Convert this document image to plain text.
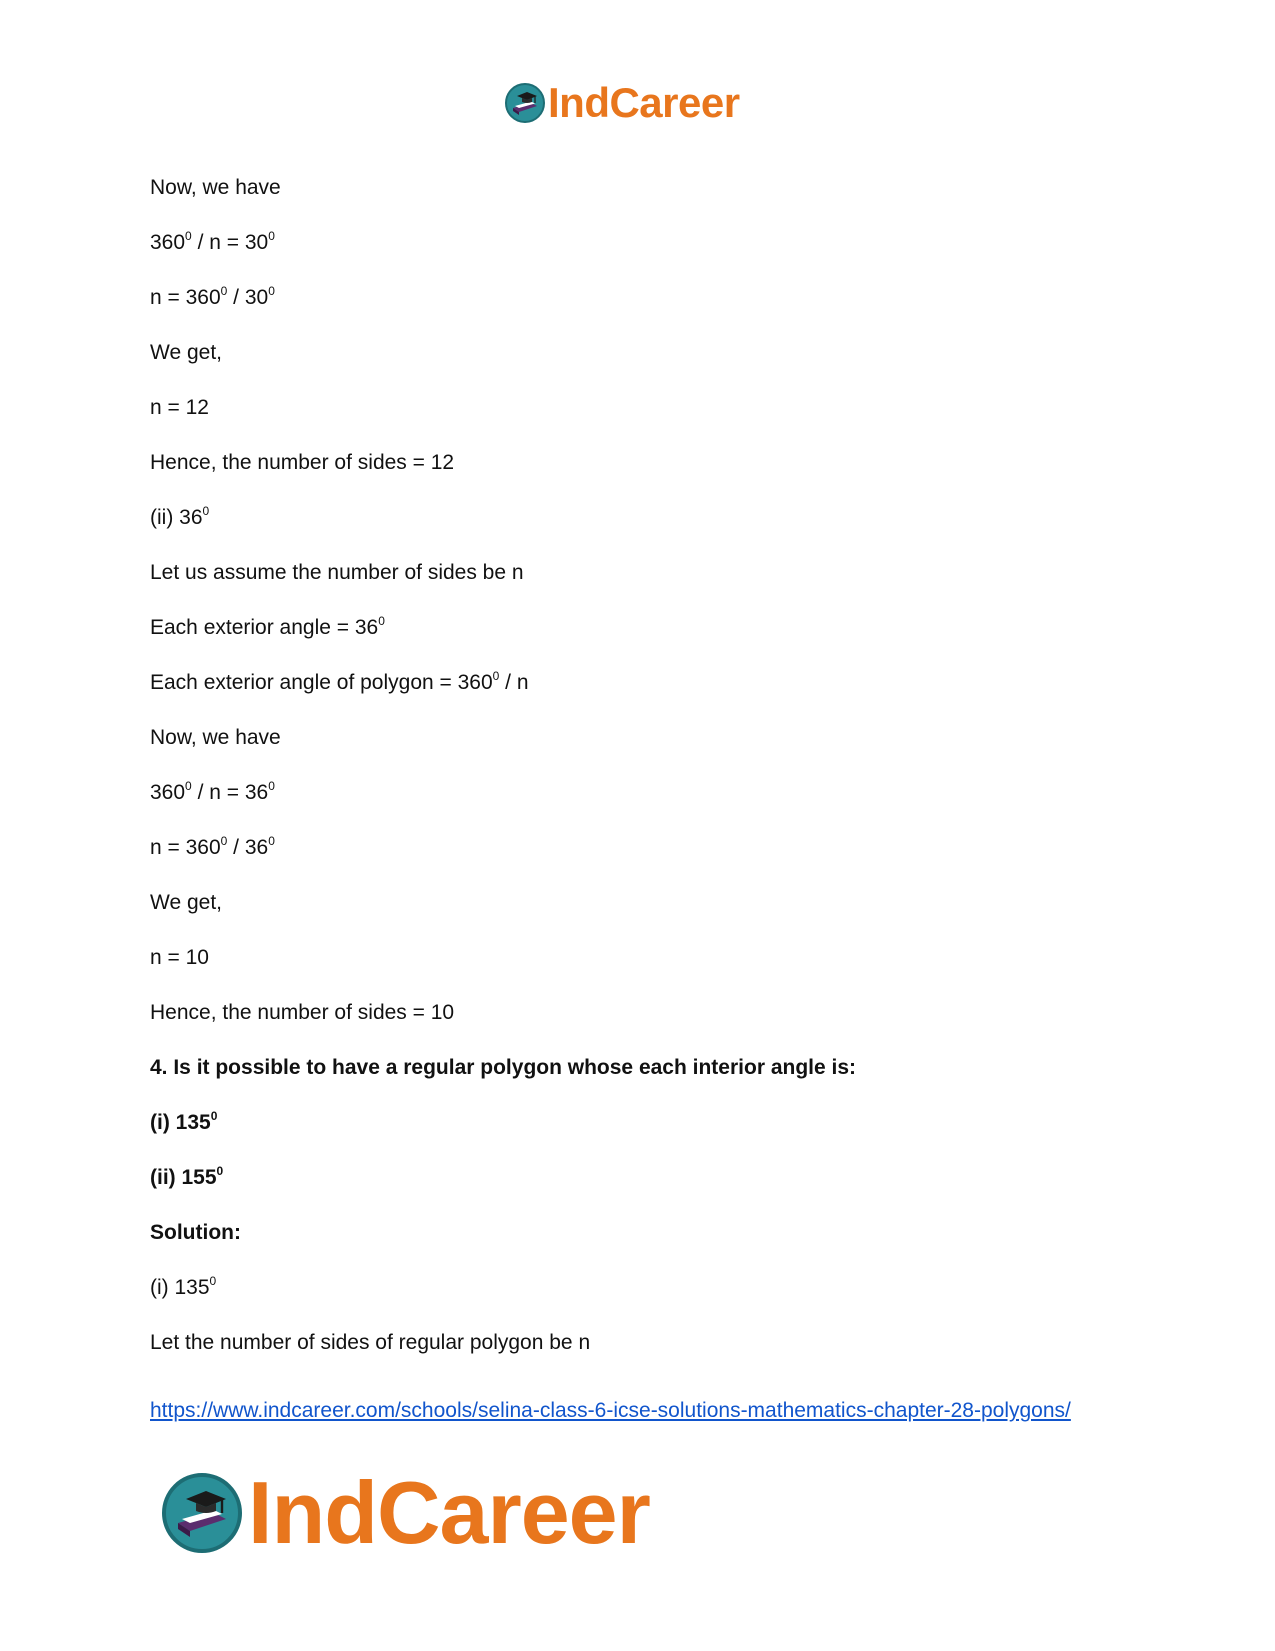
IndCareer
Now, we have
$360^0 / n = 30^0$
$n = 360^0 / 30^0$
We get,
n = 12
Hence, the number of sides = 12
(ii) $36^0$
Let us assume the number of sides be n
Each exterior angle = $36^0$
Each exterior angle of polygon = $360^0$ / n
Now, we have
$360^0 / n = 36^0$
$n = 360^0 / 36^0$
We get,
n = 10
Hence, the number of sides = 10
4. Is it possible to have a regular polygon whose each interior angle is:
(i) $135^0$
(ii) $155^0$
Solution:
(i) $135^0$
Let the number of sides of regular polygon be n
https://www.indcareer.com/schools/selina-class-6-icse-solutions-mathematics-chapter-28-polygons/
IndCareer
